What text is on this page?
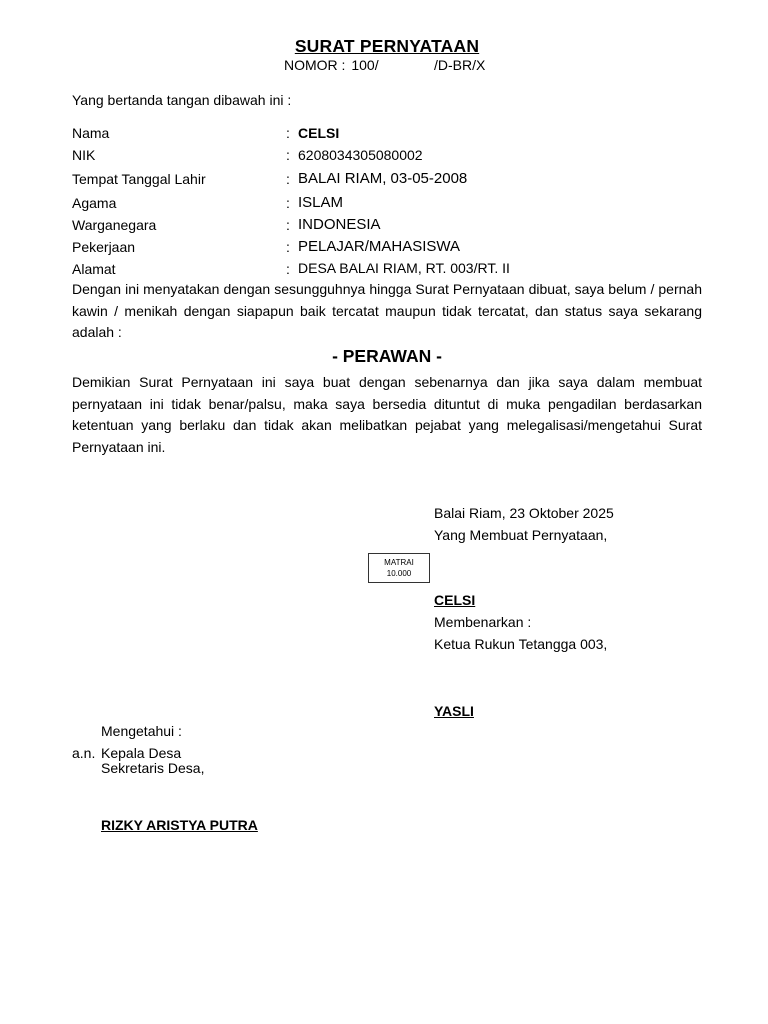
SURAT PERNYATAAN
NOMOR : 100/	/D-BR/X
Yang bertanda tangan dibawah ini :
Nama	: CELSI
NIK	: 6208034305080002
Tempat Tanggal Lahir	: BALAI RIAM, 03-05-2008
Agama	: ISLAM
Warganegara	: INDONESIA
Pekerjaan	: PELAJAR/MAHASISWA
Alamat	: DESA BALAI RIAM, RT. 003/RT. II
Dengan ini menyatakan dengan sesungguhnya hingga Surat Pernyataan dibuat, saya belum / pernah kawin / menikah dengan siapapun baik tercatat maupun tidak tercatat, dan status saya sekarang adalah :
- PERAWAN -
Demikian Surat Pernyataan ini saya buat dengan sebenarnya dan jika saya dalam membuat pernyataan ini tidak benar/palsu, maka saya bersedia dituntut di muka pengadilan berdasarkan ketentuan yang berlaku dan tidak akan melibatkan pejabat yang melegalisasi/mengetahui Surat Pernyataan ini.
Balai Riam, 23 Oktober 2025
Yang Membuat Pernyataan,
MATRAI
10.000
CELSI
Membenarkan :
Ketua Rukun Tetangga 003,
YASLI
Mengetahui :
a.n. Kepala Desa
Sekretaris Desa,
RIZKY ARISTYA PUTRA
